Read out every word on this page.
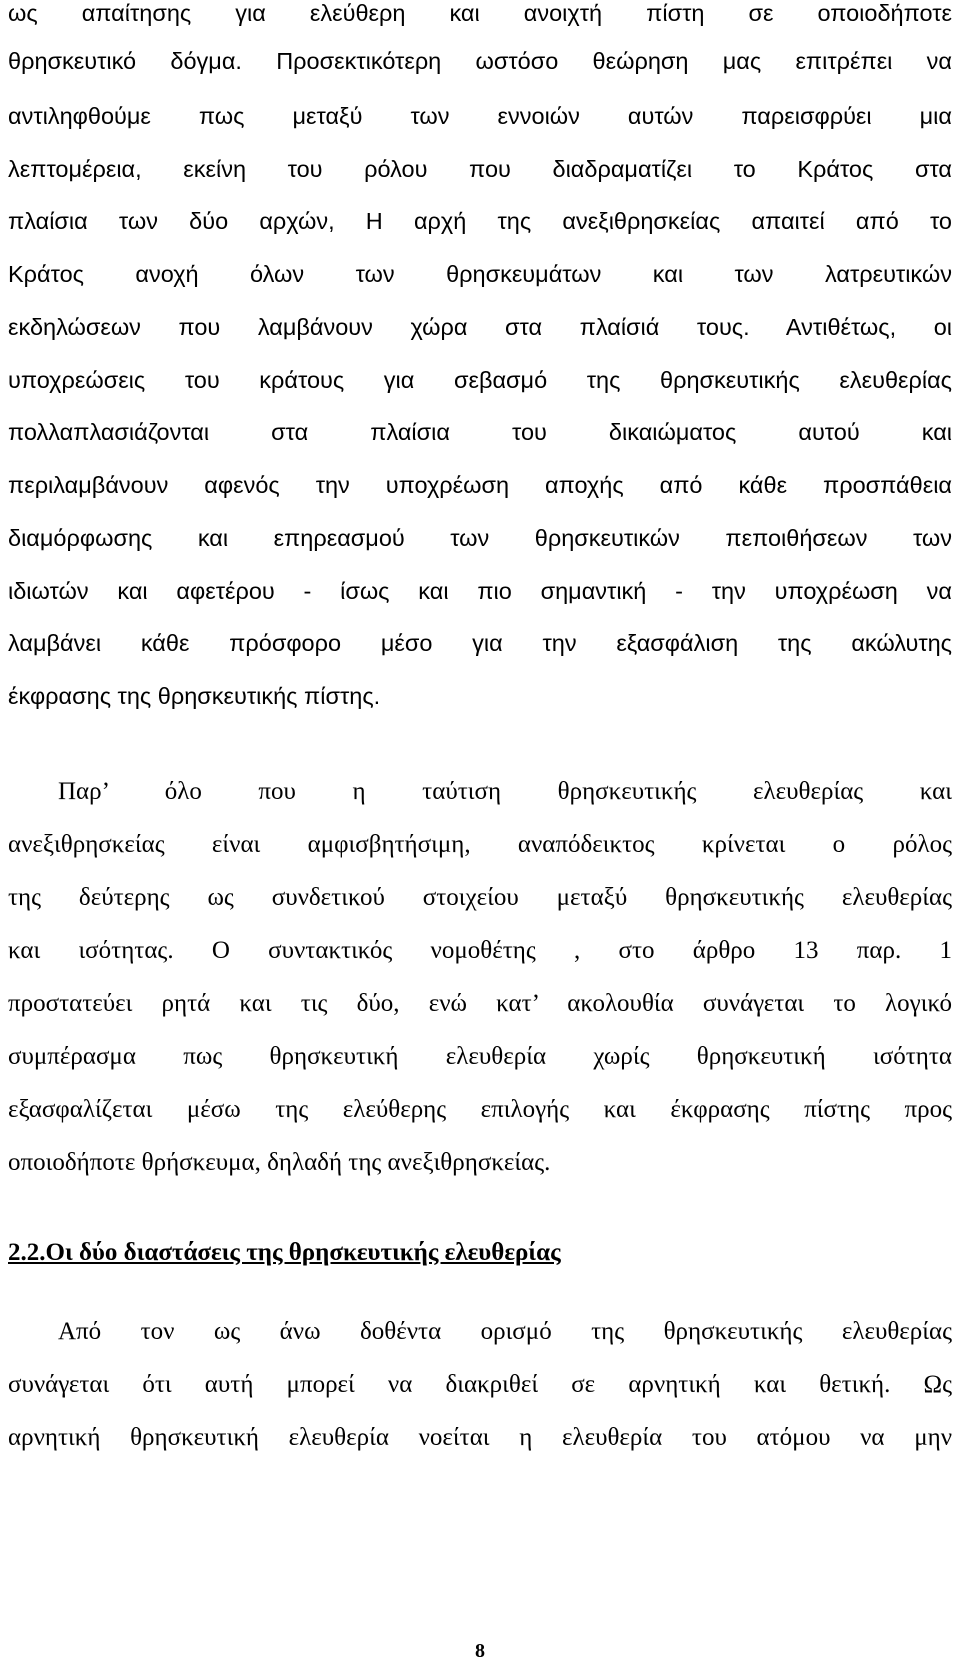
ως απαίτησης για ελεύθερη και ανοιχτή πίστη σε οποιοδήποτε
θρησκευτικό δόγμα. Προσεκτικότερη ωστόσο θεώρηση μας επιτρέπει να
αντιληφθούμε πως μεταξύ των εννοιών αυτών παρεισφρύει μια
λεπτομέρεια, εκείνη του ρόλου που διαδραματίζει το Κράτος στα
πλαίσια των δύο αρχών, Η αρχή της ανεξιθρησκείας απαιτεί από το
Κράτος ανοχή όλων των θρησκευμάτων και των λατρευτικών
εκδηλώσεων που λαμβάνουν χώρα στα πλαίσιά τους. Αντιθέτως, οι
υποχρεώσεις του κράτους για σεβασμό της θρησκευτικής ελευθερίας
πολλαπλασιάζονται στα πλαίσια του δικαιώματος αυτού και
περιλαμβάνουν αφενός την υποχρέωση αποχής από κάθε προσπάθεια
διαμόρφωσης και επηρεασμού των θρησκευτικών πεποιθήσεων των
ιδιωτών και αφετέρου - ίσως και πιο σημαντική - την υποχρέωση να
λαμβάνει κάθε πρόσφορο μέσο για την εξασφάλιση της ακώλυτης
έκφρασης της θρησκευτικής πίστης.
Παρ’ όλο που η ταύτιση θρησκευτικής ελευθερίας και
ανεξιθρησκείας είναι αμφισβητήσιμη, αναπόδεικτος κρίνεται ο ρόλος
της δεύτερης ως συνδετικού στοιχείου μεταξύ θρησκευτικής ελευθερίας
και ισότητας. Ο συντακτικός νομοθέτης , στο άρθρο 13 παρ. 1
προστατεύει ρητά και τις δύο, ενώ κατ’ ακολουθία συνάγεται το λογικό
συμπέρασμα πως θρησκευτική ελευθερία χωρίς θρησκευτική ισότητα
εξασφαλίζεται μέσω της ελεύθερης επιλογής και έκφρασης πίστης προς
οποιοδήποτε θρήσκευμα, δηλαδή της ανεξιθρησκείας.
2.2.Οι δύο διαστάσεις της θρησκευτικής ελευθερίας
Από τον ως άνω δοθέντα ορισμό της θρησκευτικής ελευθερίας
συνάγεται ότι αυτή μπορεί να διακριθεί σε αρνητική και θετική. Ως
αρνητική θρησκευτική ελευθερία νοείται η ελευθερία του ατόμου να μην
8
